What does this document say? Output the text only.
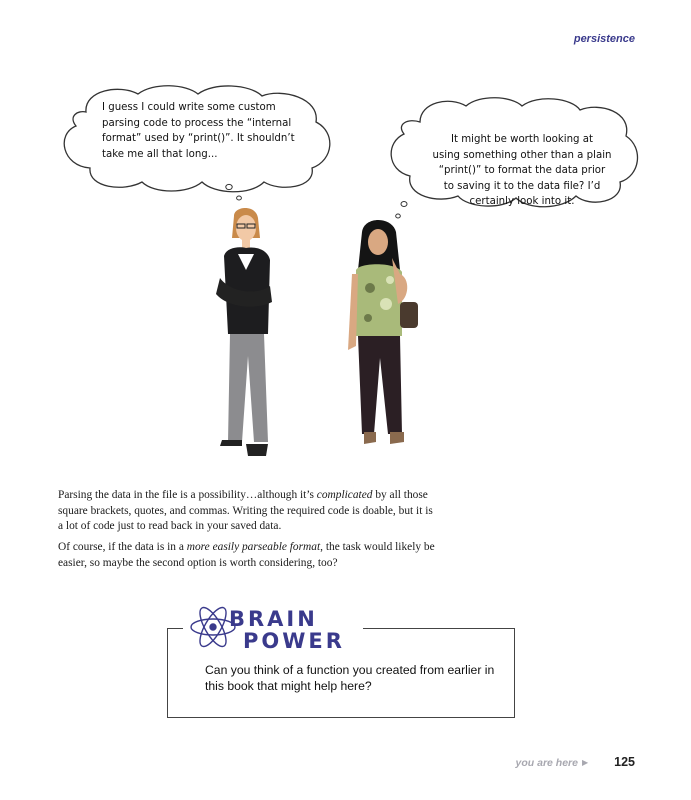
persistence
I guess I could write some custom
parsing code to process the “internal
format” used by “print()”. It shouldn’t
take me all that long...
It might be worth looking at
using something other than a plain
“print()” to format the data prior
to saving it to the data file? I’d
certainly look into it.
Parsing the data in the file is a possibility…although it’s complicated by all those square brackets, quotes, and commas. Writing the required code is doable, but it is a lot of code just to read back in your saved data.
Of course, if the data is in a more easily parseable format, the task would likely be easier, so maybe the second option is worth considering, too?
BRAIN
POWER
Can you think of a function you created from earlier in this book that might help here?
you are here ▶ 125
